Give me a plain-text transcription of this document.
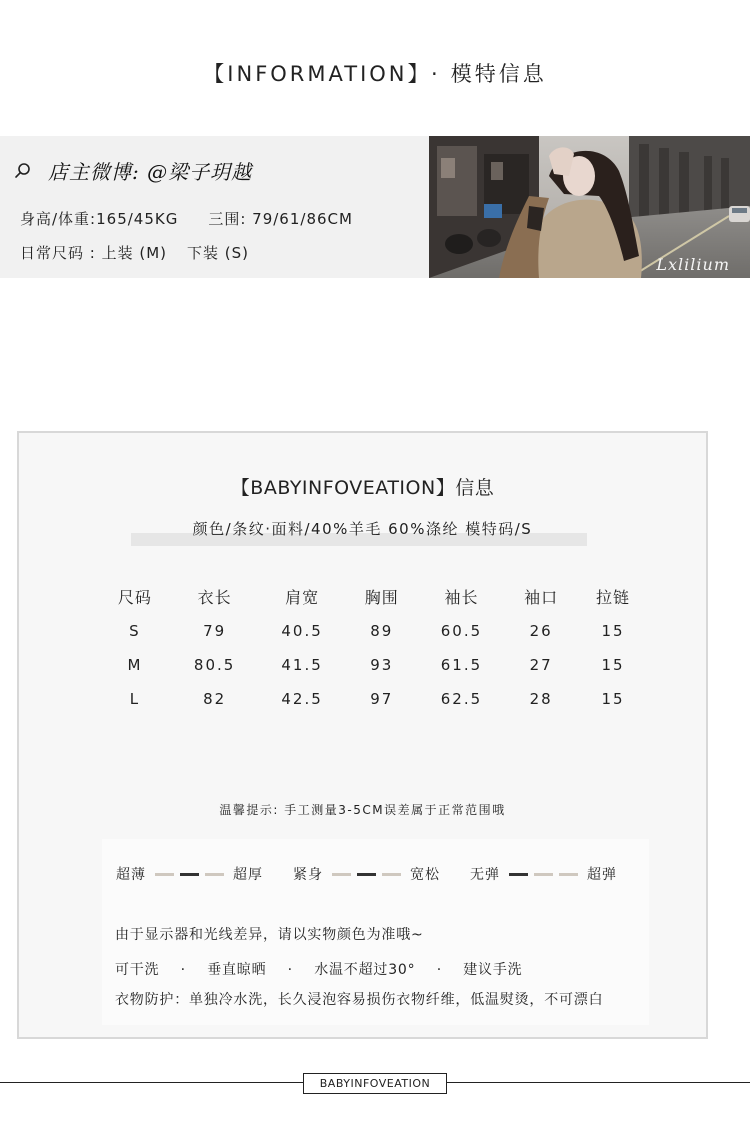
【INFORMATION】 · 模特信息
店主微博: @梁子玥越
身高/体重:165/45KG 三围: 79/61/86CM
日常尺码 : 上装 (M) 下装 (S)
Lxlilium
【BABYINFOVEATION】信息
颜色/条纹·面料/40%羊毛 60%涤纶 模特码/S
尺码	衣长	肩宽	胸围	袖长	袖口	拉链
S	79	40.5	89	60.5	26	15
M	80.5	41.5	93	61.5	27	15
L	82	42.5	97	62.5	28	15
温馨提示: 手工测量3-5CM误差属于正常范围哦
超薄	超厚 紧身	宽松 无弹	超弹
由于显示器和光线差异，请以实物颜色为准哦~
可干洗 · 垂直晾晒 · 水温不超过30° · 建议手洗
衣物防护：单独冷水洗，长久浸泡容易损伤衣物纤维，低温熨烫，不可漂白
BABYINFOVEATION
